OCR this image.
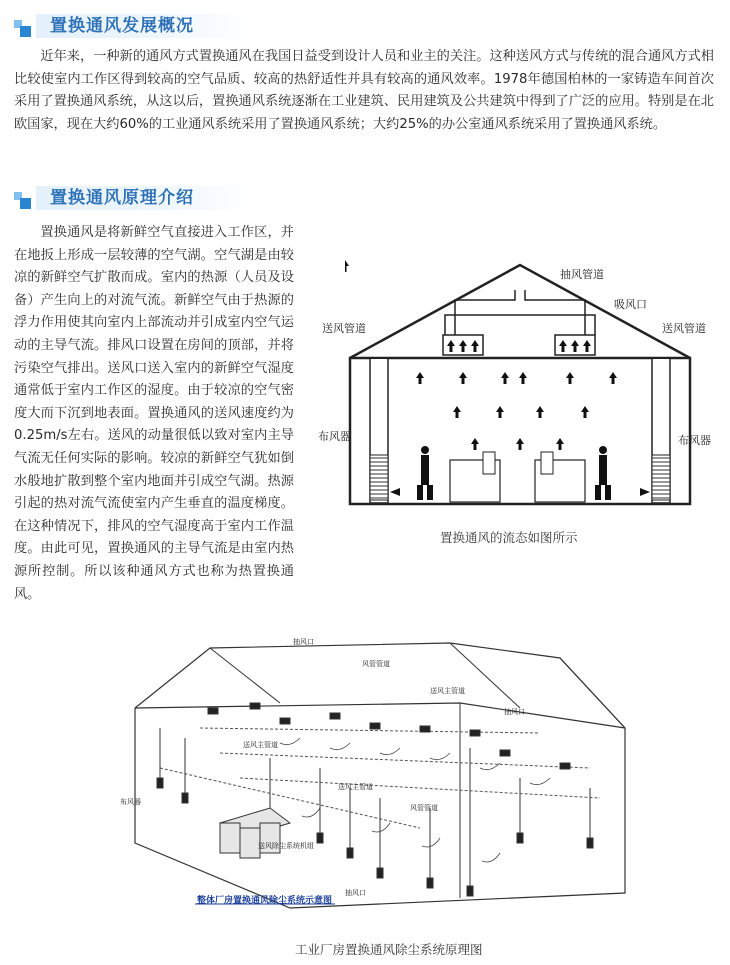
置换通风发展概况

近年来，一种新的通风方式置换通风在我国日益受到设计人员和业主的关注。这种送风方式与传统的混合通风方式相比较使室内工作区得到较高的空气品质、较高的热舒适性并具有较高的通风效率。1978年德国柏林的一家铸造车间首次采用了置换通风系统，从这以后，置换通风系统逐渐在工业建筑、民用建筑及公共建筑中得到了广泛的应用。特别是在北欧国家，现在大约60%的工业通风系统采用了置换通风系统；大约25%的办公室通风系统采用了置换通风系统。

置换通风原理介绍

置换通风是将新鲜空气直接进入工作区，并在地扳上形成一层较薄的空气湖。空气湖是由较凉的新鲜空气扩散而成。室内的热源（人员及设备）产生向上的对流气流。新鲜空气由于热源的浮力作用使其向室内上部流动并引成室内空气运动的主导气流。排风口设置在房间的顶部，并将污染空气排出。送风口送入室内的新鲜空气湿度通常低于室内工作区的湿度。由于较凉的空气密度大而下沉到地表面。置换通风的送风速度约为0.25m/s左右。送风的动量很低以致对室内主导气流无任何实际的影响。较凉的新鲜空气犹如倒水般地扩散到整个室内地面并引成空气湖。热源引起的热对流气流使室内产生垂直的温度梯度。在这种情况下，排风的空气湿度高于室内工作温度。由此可见，置换通风的主导气流是由室内热源所控制。所以该种通风方式也称为热置换通风。

抽风管道
吸风口
送风管道	送风管道
布风器	布风器
置换通风的流态如图所示
抽风口
风管管道
送风主管道
抽风口
送风主管道
送风主管道
风管管道
布风器
送风除尘系统机组
抽风口
整体厂房置换通风除尘系统示意图
工业厂房置换通风除尘系统原理图
